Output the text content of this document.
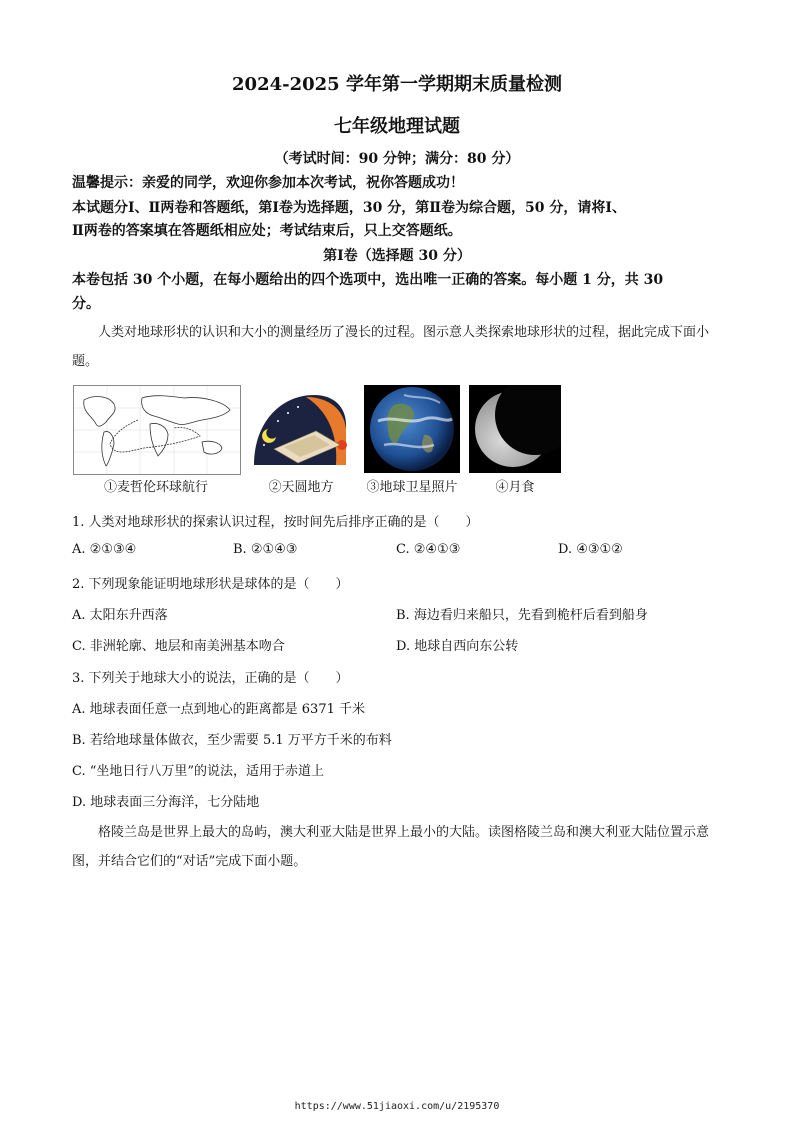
2024-2025 学年第一学期期末质量检测
七年级地理试题
（考试时间：90 分钟；满分：80 分）
温馨提示：亲爱的同学，欢迎你参加本次考试，祝你答题成功！
本试题分Ⅰ、Ⅱ两卷和答题纸，第Ⅰ卷为选择题，30 分，第Ⅱ卷为综合题，50 分，请将Ⅰ、
Ⅱ两卷的答案填在答题纸相应处；考试结束后，只上交答题纸。
第Ⅰ卷（选择题 30 分）
本卷包括 30 个小题，在每小题给出的四个选项中，选出唯一正确的答案。每小题 1 分，共 30
分。
人类对地球形状的认识和大小的测量经历了漫长的过程。图示意人类探索地球形状的过程，据此完成下面小题。
①麦哲伦环球航行	②天圆地方	③地球卫星照片	④月食
1. 人类对地球形状的探索认识过程，按时间先后排序正确的是（　　）
A. ②①③④	B. ②①④③	C. ②④①③	D. ④③①②
2. 下列现象能证明地球形状是球体的是（　　）
A. 太阳东升西落	B. 海边看归来船只，先看到桅杆后看到船身
C. 非洲轮廓、地层和南美洲基本吻合	D. 地球自西向东公转
3. 下列关于地球大小的说法，正确的是（　　）
A. 地球表面任意一点到地心的距离都是 6371 千米
B. 若给地球量体做衣，至少需要 5.1 万平方千米的布料
C. “坐地日行八万里”的说法，适用于赤道上
D. 地球表面三分海洋，七分陆地
格陵兰岛是世界上最大的岛屿，澳大利亚大陆是世界上最小的大陆。读图格陵兰岛和澳大利亚大陆位置示意图，并结合它们的“对话”完成下面小题。
https://www.51jiaoxi.com/u/2195370
